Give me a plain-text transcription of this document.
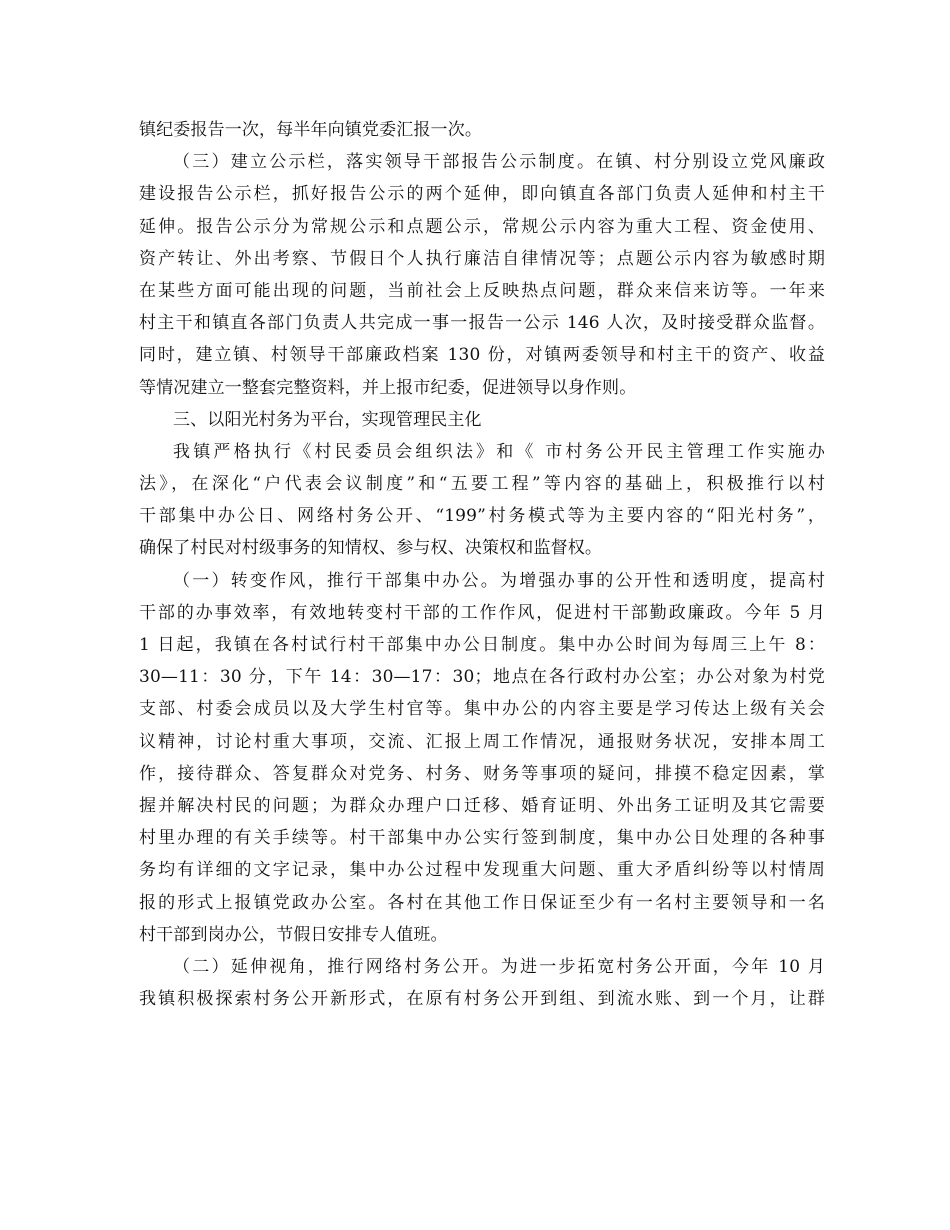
镇纪委报告一次，每半年向镇党委汇报一次。
（三）建立公示栏，落实领导干部报告公示制度。在镇、村分别设立党风廉政
建设报告公示栏，抓好报告公示的两个延伸，即向镇直各部门负责人延伸和村主干
延伸。报告公示分为常规公示和点题公示，常规公示内容为重大工程、资金使用、
资产转让、外出考察、节假日个人执行廉洁自律情况等；点题公示内容为敏感时期
在某些方面可能出现的问题，当前社会上反映热点问题，群众来信来访等。一年来
村主干和镇直各部门负责人共完成一事一报告一公示 146 人次，及时接受群众监督。
同时，建立镇、村领导干部廉政档案 130 份，对镇两委领导和村主干的资产、收益
等情况建立一整套完整资料，并上报市纪委，促进领导以身作则。
三、以阳光村务为平台，实现管理民主化
我镇严格执行《村民委员会组织法》和《 市村务公开民主管理工作实施办
法》，在深化“户代表会议制度”和“五要工程”等内容的基础上，积极推行以村
干部集中办公日、网络村务公开、“199”村务模式等为主要内容的“阳光村务”，
确保了村民对村级事务的知情权、参与权、决策权和监督权。
（一）转变作风，推行干部集中办公。为增强办事的公开性和透明度，提高村
干部的办事效率，有效地转变村干部的工作作风，促进村干部勤政廉政。今年 5 月
1 日起，我镇在各村试行村干部集中办公日制度。集中办公时间为每周三上午 8：
30—11：30 分，下午 14：30—17：30；地点在各行政村办公室；办公对象为村党
支部、村委会成员以及大学生村官等。集中办公的内容主要是学习传达上级有关会
议精神，讨论村重大事项，交流、汇报上周工作情况，通报财务状况，安排本周工
作，接待群众、答复群众对党务、村务、财务等事项的疑问，排摸不稳定因素，掌
握并解决村民的问题；为群众办理户口迁移、婚育证明、外出务工证明及其它需要
村里办理的有关手续等。村干部集中办公实行签到制度，集中办公日处理的各种事
务均有详细的文字记录，集中办公过程中发现重大问题、重大矛盾纠纷等以村情周
报的形式上报镇党政办公室。各村在其他工作日保证至少有一名村主要领导和一名
村干部到岗办公，节假日安排专人值班。
（二）延伸视角，推行网络村务公开。为进一步拓宽村务公开面，今年 10 月
我镇积极探索村务公开新形式，在原有村务公开到组、到流水账、到一个月，让群
